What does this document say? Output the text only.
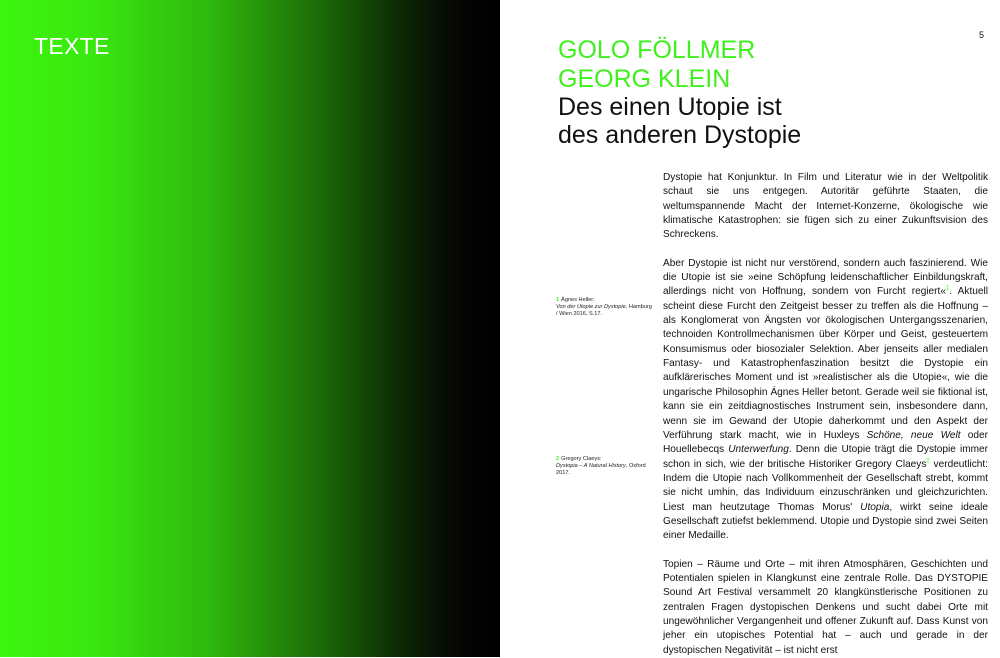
TEXTE	5
GOLO FÖLLMER
GEORG KLEIN
Des einen Utopie ist
des anderen Dystopie
1 Ágnes Heller:
Von der Utopie zur Dystopie, Hamburg / Wien 2016, S.17.
2 Gregory Claeys:
Dystopia – A Natural History, Oxford 2017.

Dystopie hat Konjunktur. In Film und Literatur wie in der Weltpolitik schaut sie uns entgegen. Autoritär geführte Staaten, die weltumspannende Macht der Internet-Konzerne, ökologische wie klimatische Katastrophen: sie fügen sich zu einer Zukunftsvision des Schreckens.

Aber Dystopie ist nicht nur verstörend, sondern auch faszinierend. Wie die Utopie ist sie »eine Schöpfung leidenschaftlicher Einbildungskraft, allerdings nicht von Hoffnung, sondern von Furcht regiert«$^1$. Aktuell scheint diese Furcht den Zeitgeist besser zu treffen als die Hoffnung – als Konglomerat von Ängsten vor ökologischen Untergangsszenarien, technoiden Kontrollmechanismen über Körper und Geist, gesteuertem Konsumismus oder biosozialer Selektion. Aber jenseits aller medialen Fantasy- und Katastrophenfaszination besitzt die Dystopie ein aufklärerisches Moment und ist »realistischer als die Utopie«, wie die ungarische Philosophin Ágnes Heller betont. Gerade weil sie fiktional ist, kann sie ein zeitdiagnostisches Instrument sein, insbesondere dann, wenn sie im Gewand der Utopie daherkommt und den Aspekt der Verführung stark macht, wie in Huxleys Schöne, neue Welt oder Houellebecqs Unterwerfung. Denn die Utopie trägt die Dystopie immer schon in sich, wie der britische Historiker Gregory Claeys$^2$ verdeutlicht: Indem die Utopie nach Vollkommenheit der Gesellschaft strebt, kommt sie nicht umhin, das Individuum einzuschränken und gleichzurichten. Liest man heutzutage Thomas Morus' Utopia, wirkt seine ideale Gesellschaft zutiefst beklemmend. Utopie und Dystopie sind zwei Seiten einer Medaille.

Topien – Räume und Orte – mit ihren Atmosphären, Geschichten und Potentialen spielen in Klangkunst eine zentrale Rolle. Das DYSTOPIE Sound Art Festival versammelt 20 klangkünstlerische Positionen zu zentralen Fragen dystopischen Denkens und sucht dabei Orte mit ungewöhnlicher Vergangenheit und offener Zukunft auf. Dass Kunst von jeher ein utopisches Potential hat – auch und gerade in der dystopischen Negativität – ist nicht erst
